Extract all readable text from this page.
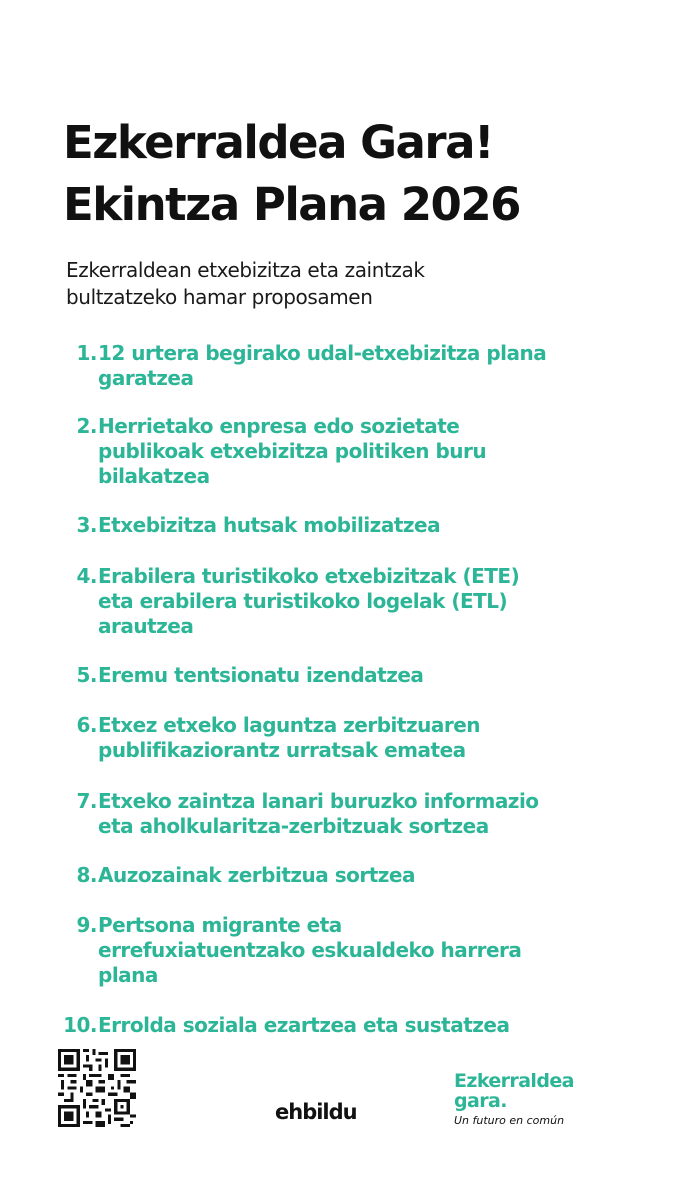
Ezkerraldea Gara!
Ekintza Plana 2026

Ezkerraldean etxebizitza eta zaintzak
bultzatzeko hamar proposamen

1. 12 urtera begirako udal-etxebizitza plana
garatzea
2. Herrietako enpresa edo sozietate
publikoak etxebizitza politiken buru
bilakatzea
3. Etxebizitza hutsak mobilizatzea
4. Erabilera turistikoko etxebizitzak (ETE)
eta erabilera turistikoko logelak (ETL)
arautzea
5. Eremu tentsionatu izendatzea
6. Etxez etxeko laguntza zerbitzuaren
publifikaziorantz urratsak ematea
7. Etxeko zaintza lanari buruzko informazio
eta aholkularitza-zerbitzuak sortzea
8. Auzozainak zerbitzua sortzea
9. Pertsona migrante eta
errefuxiatuentzako eskualdeko harrera
plana
10. Errolda soziala ezartzea eta sustatzea
ehbildu
Ezkerraldea
gara.
Un futuro en común
